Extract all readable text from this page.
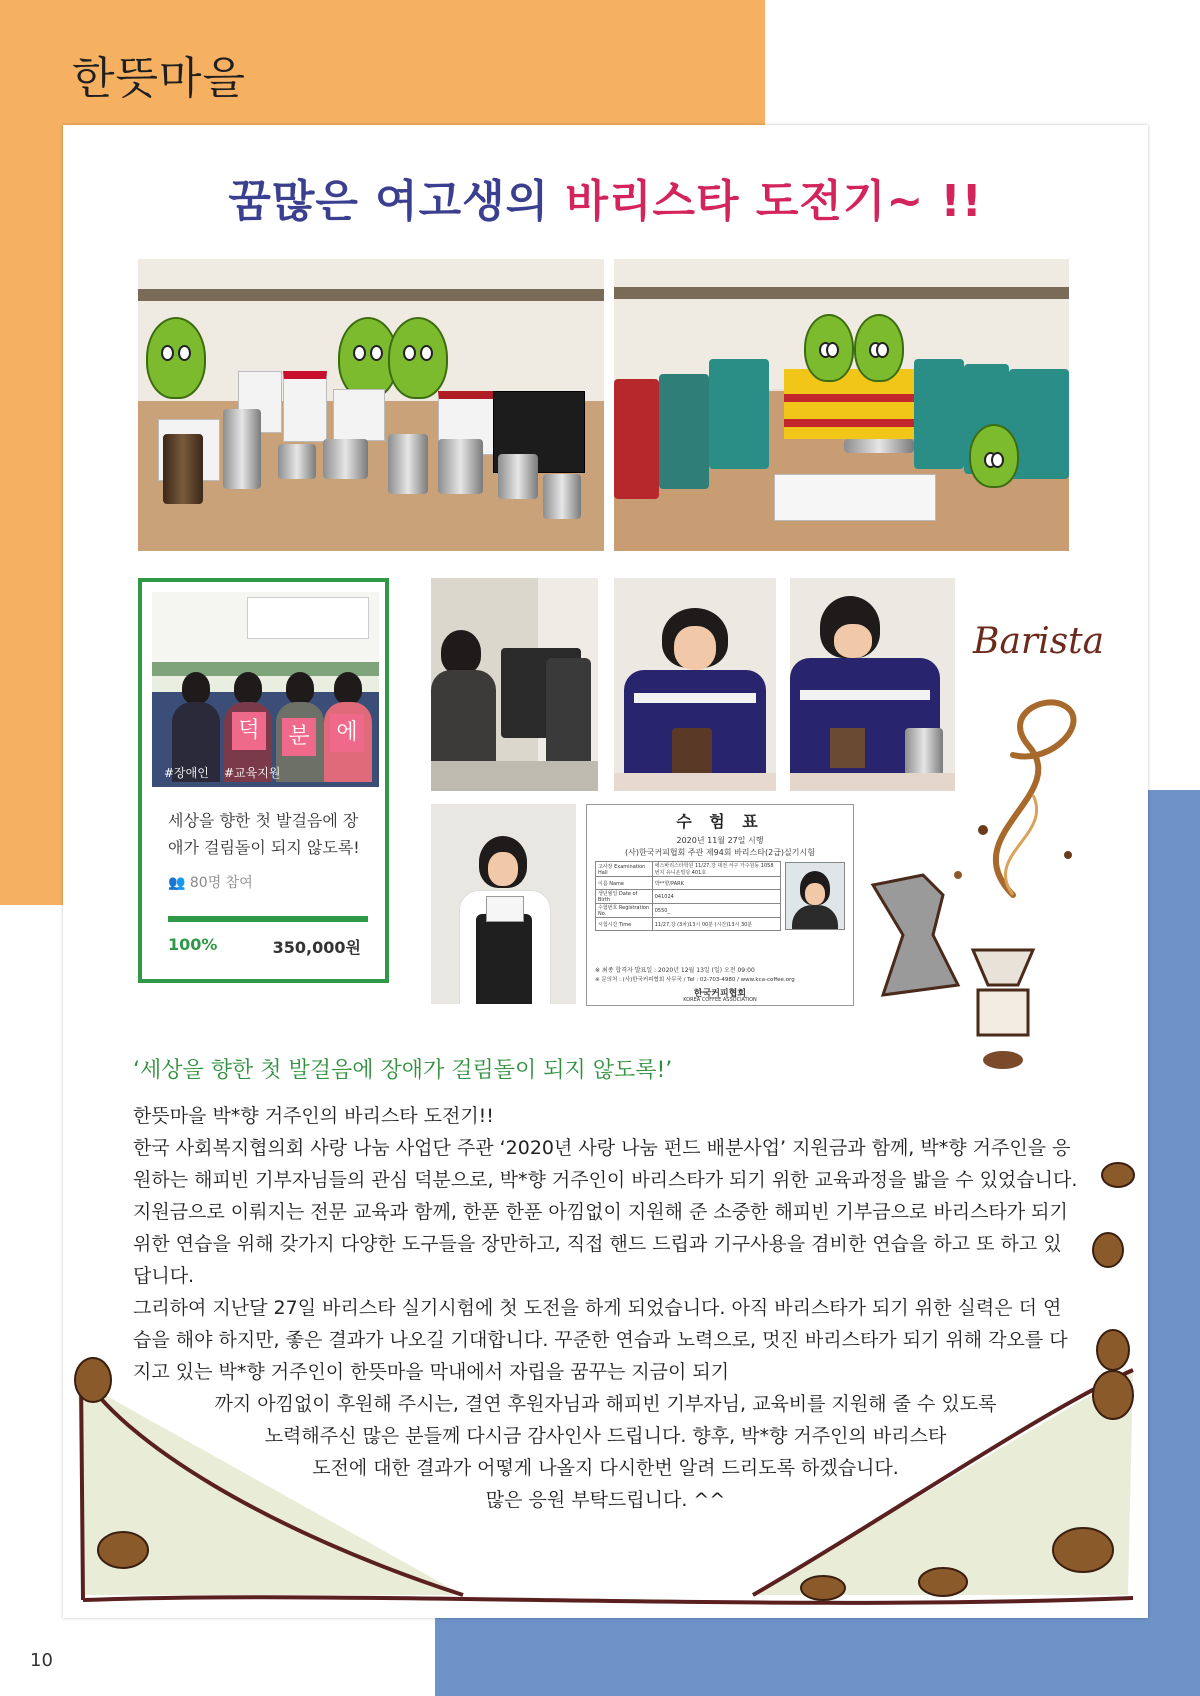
한뜻마을
꿈많은 여고생의 바리스타 도전기~ !!
덕 분 에
#장애인 #교육지원
세상을 향한 첫 발걸음에 장애가 걸림돌이 되지 않도록!
👥 80명 참여
100%	350,000원
수 험 표
2020년 11월 27일 시행
(사)한국커피협회 주관 제94회 바리스타(2급)실기시험
고사장 Examination Hall	에스바리스타학원 11/27,강 대전 서구 가수원동 1058번지 유니온빌딩 401호
이름 Name	박**향/PARK
생년월일 Date of Birth	041024
수험번호 Registration No.	0550_
시험시간 Time	11/27,강 (3차)13시 00분 (시간)13시 30분
※ 최종 합격자 발표일 : 2020년 12월 13일 (일) 오전 09:00
※ 문의처 : (사)한국커피협회 사무국 / Tel : 02-703-4980 / www.kca-coffee.org
한국커피협회
KOREA COFFEE ASSOCIATION
Barista
‘세상을 향한 첫 발걸음에 장애가 걸림돌이 되지 않도록!’

한뜻마을 박*향 거주인의 바리스타 도전기!!

한국 사회복지협의회 사랑 나눔 사업단 주관 ‘2020년 사랑 나눔 펀드 배분사업’ 지원금과 함께, 박*향 거주인을 응원하는 해피빈 기부자님들의 관심 덕분으로, 박*향 거주인이 바리스타가 되기 위한 교육과정을 밟을 수 있었습니다. 지원금으로 이뤄지는 전문 교육과 함께, 한푼 한푼 아낌없이 지원해 준 소중한 해피빈 기부금으로 바리스타가 되기 위한 연습을 위해 갖가지 다양한 도구들을 장만하고, 직접 핸드 드립과 기구사용을 겸비한 연습을 하고 또 하고 있답니다.

그리하여 지난달 27일 바리스타 실기시험에 첫 도전을 하게 되었습니다. 아직 바리스타가 되기 위한 실력은 더 연습을 해야 하지만, 좋은 결과가 나오길 기대합니다. 꾸준한 연습과 노력으로, 멋진 바리스타가 되기 위해 각오를 다지고 있는 박*향 거주인이 한뜻마을 막내에서 자립을 꿈꾸는 지금이 되기

까지 아낌없이 후원해 주시는, 결연 후원자님과 해피빈 기부자님, 교육비를 지원해 줄 수 있도록

노력해주신 많은 분들께 다시금 감사인사 드립니다. 향후, 박*향 거주인의 바리스타

도전에 대한 결과가 어떻게 나올지 다시한번 알려 드리도록 하겠습니다.

많은 응원 부탁드립니다. ^^

10
